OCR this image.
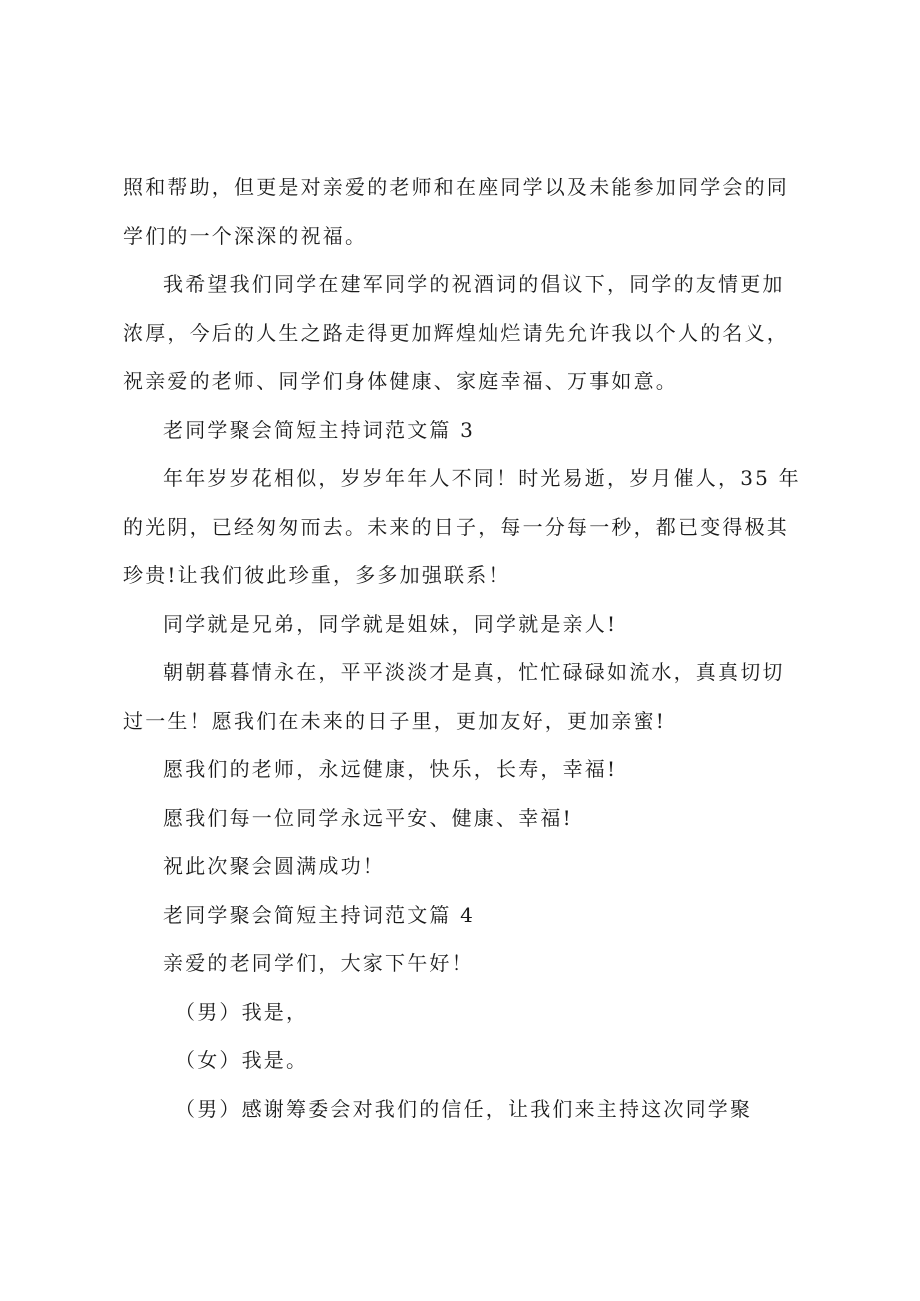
照和帮助，但更是对亲爱的老师和在座同学以及未能参加同学会的同
学们的一个深深的祝福。
我希望我们同学在建军同学的祝酒词的倡议下，同学的友情更加
浓厚，今后的人生之路走得更加辉煌灿烂请先允许我以个人的名义，
祝亲爱的老师、同学们身体健康、家庭幸福、万事如意。
老同学聚会简短主持词范文篇 3
年年岁岁花相似，岁岁年年人不同！时光易逝，岁月催人，35 年
的光阴，已经匆匆而去。未来的日子，每一分每一秒，都已变得极其
珍贵!让我们彼此珍重，多多加强联系！
同学就是兄弟，同学就是姐妹，同学就是亲人!
朝朝暮暮情永在，平平淡淡才是真，忙忙碌碌如流水，真真切切
过一生！愿我们在未来的日子里，更加友好，更加亲蜜!
愿我们的老师，永远健康，快乐，长寿，幸福!
愿我们每一位同学永远平安、健康、幸福!
祝此次聚会圆满成功！
老同学聚会简短主持词范文篇 4
亲爱的老同学们，大家下午好！
（男）我是，
（女）我是。
（男）感谢筹委会对我们的信任，让我们来主持这次同学聚
